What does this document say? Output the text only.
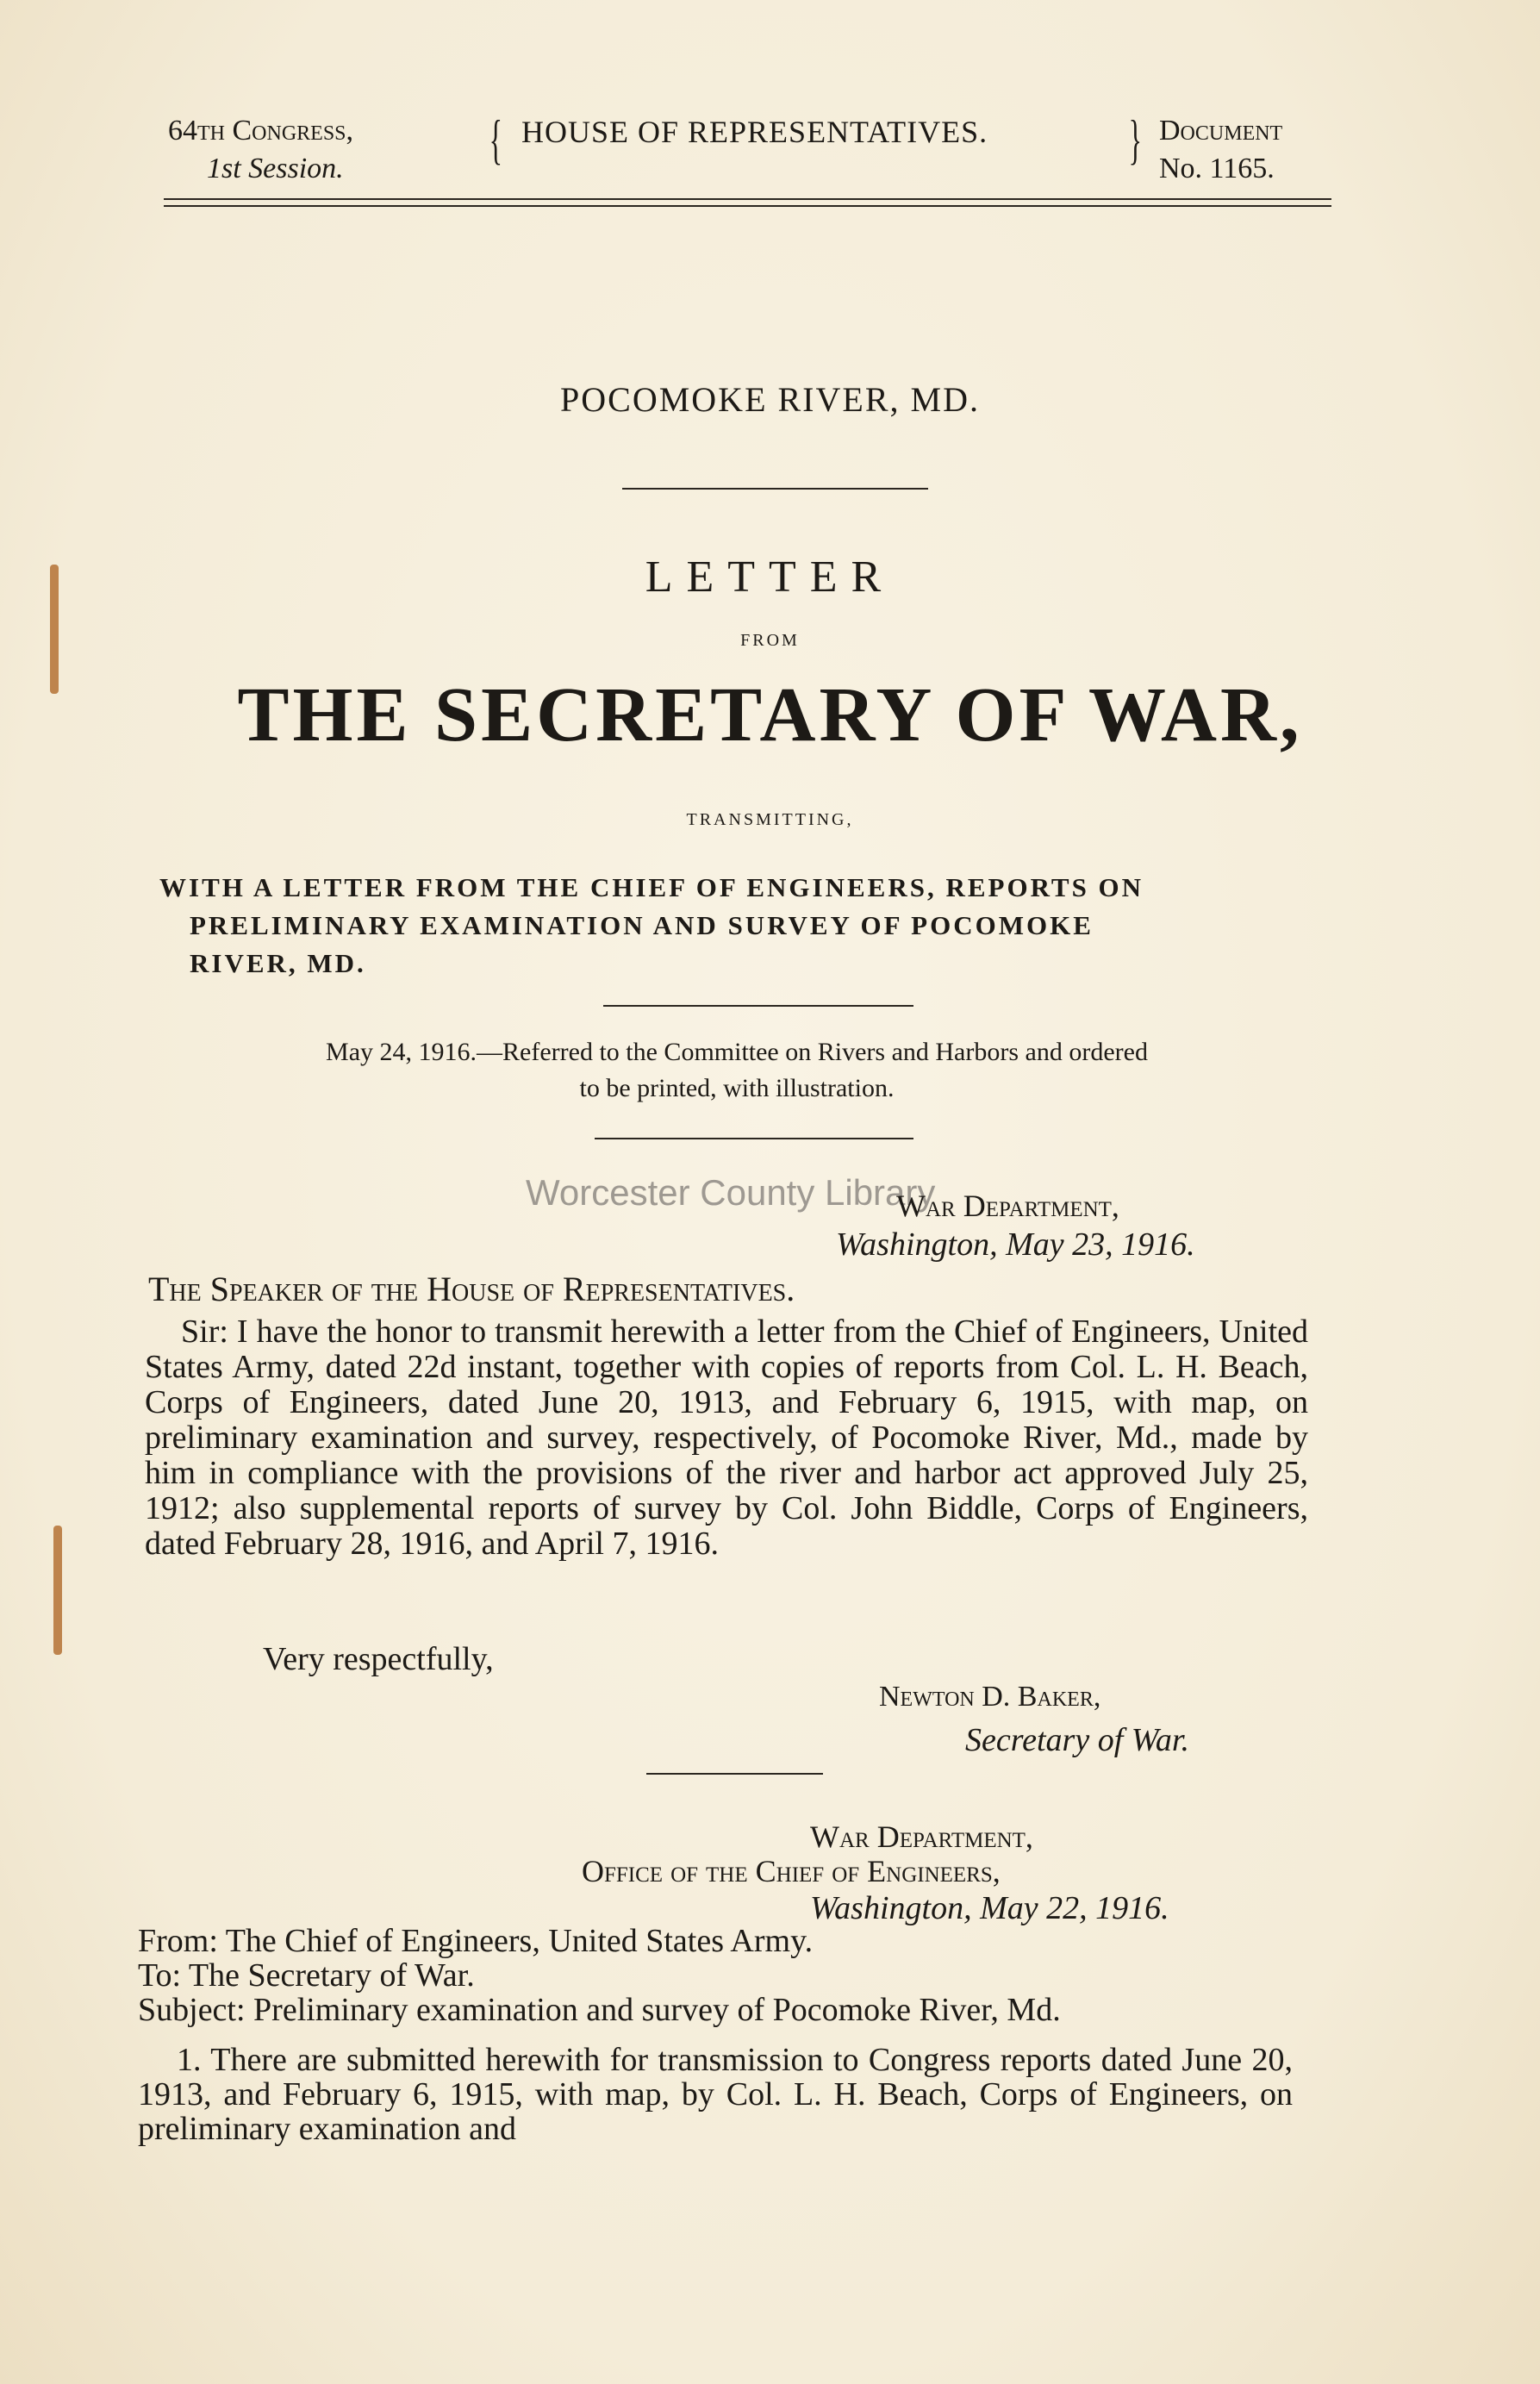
64th Congress,
1st Session.	{ HOUSE OF REPRESENTATIVES.	} Document
No. 1165.
POCOMOKE RIVER, MD.
LETTER
FROM
THE SECRETARY OF WAR,
TRANSMITTING,
WITH A LETTER FROM THE CHIEF OF ENGINEERS, REPORTS ON
PRELIMINARY EXAMINATION AND SURVEY OF POCOMOKE
RIVER, MD.
May 24, 1916.—Referred to the Committee on Rivers and Harbors and ordered
to be printed, with illustration.
Worcester County Library
War Department,
Washington, May 23, 1916.
The Speaker of the House of Representatives.

Sir: I have the honor to transmit herewith a letter from the Chief of Engineers, United States Army, dated 22d instant, together with copies of reports from Col. L. H. Beach, Corps of Engineers, dated June 20, 1913, and February 6, 1915, with map, on preliminary examination and survey, respectively, of Pocomoke River, Md., made by him in compliance with the provisions of the river and harbor act approved July 25, 1912; also supplemental reports of survey by Col. John Biddle, Corps of Engineers, dated February 28, 1916, and April 7, 1916.

Very respectfully,
Newton D. Baker,
Secretary of War.
War Department,
Office of the Chief of Engineers,
Washington, May 22, 1916.
From: The Chief of Engineers, United States Army.
To: The Secretary of War.
Subject: Preliminary examination and survey of Pocomoke River, Md.

1. There are submitted herewith for transmission to Congress reports dated June 20, 1913, and February 6, 1915, with map, by Col. L. H. Beach, Corps of Engineers, on preliminary examination and
